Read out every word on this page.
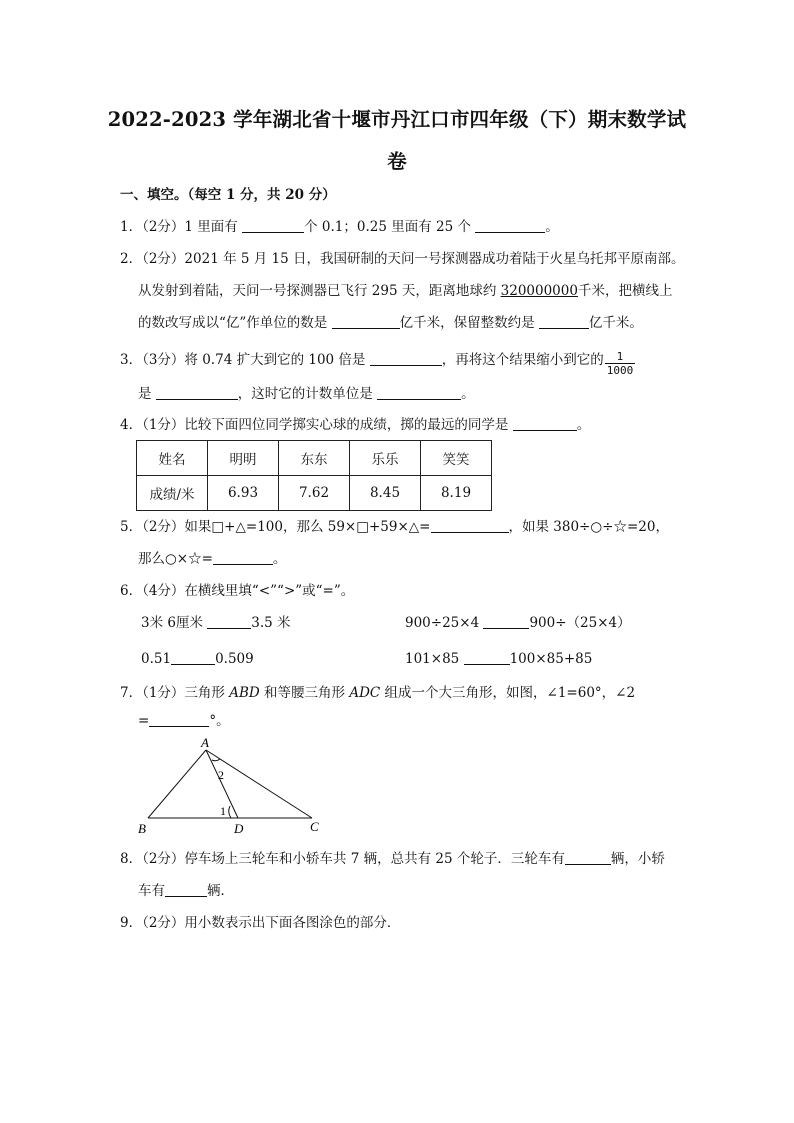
2022-2023 学年湖北省十堰市丹江口市四年级（下）期末数学试
卷
一、填空。（每空 1 分，共 20 分）
1．（2分）1 里面有	个 0.1；0.25 里面有 25 个	。
2．（2分）2021 年 5 月 15 日，我国研制的天问一号探测器成功着陆于火星乌托邦平原南部。
从发射到着陆，天问一号探测器已飞行 295 天，距离地球约 320000000千米，把横线上
的数改写成以“亿”作单位的数是	亿千米，保留整数约是	亿千米。
3．（3分）将 0.74 扩大到它的 100 倍是	，再将这个结果缩小到它的 $\frac{1}{1000}$
是	，这时它的计数单位是	。
4．（1分）比较下面四位同学掷实心球的成绩，掷的最远的同学是	。
姓名	明明	东东	乐乐	笑笑
成绩/米	6.93	7.62	8.45	8.19
5．（2分）如果□+△=100，那么 59×□+59×△=	，如果 380÷○÷☆=20，
那么○×☆=	。
6．（4分）在横线里填“<”“>”或“=”。
3米 6厘米	3.5 米	900÷25×4	900÷（25×4）
0.51	0.509	101×85	100×85+85
7．（1分）三角形 ABD 和等腰三角形 ADC 组成一个大三角形，如图，∠1=60°，∠2
=	°。
A
B	C
D
1
2
8．（2分）停车场上三轮车和小轿车共 7 辆，总共有 25 个轮子．三轮车有	辆，小轿
车有	辆．
9．（2分）用小数表示出下面各图涂色的部分．
